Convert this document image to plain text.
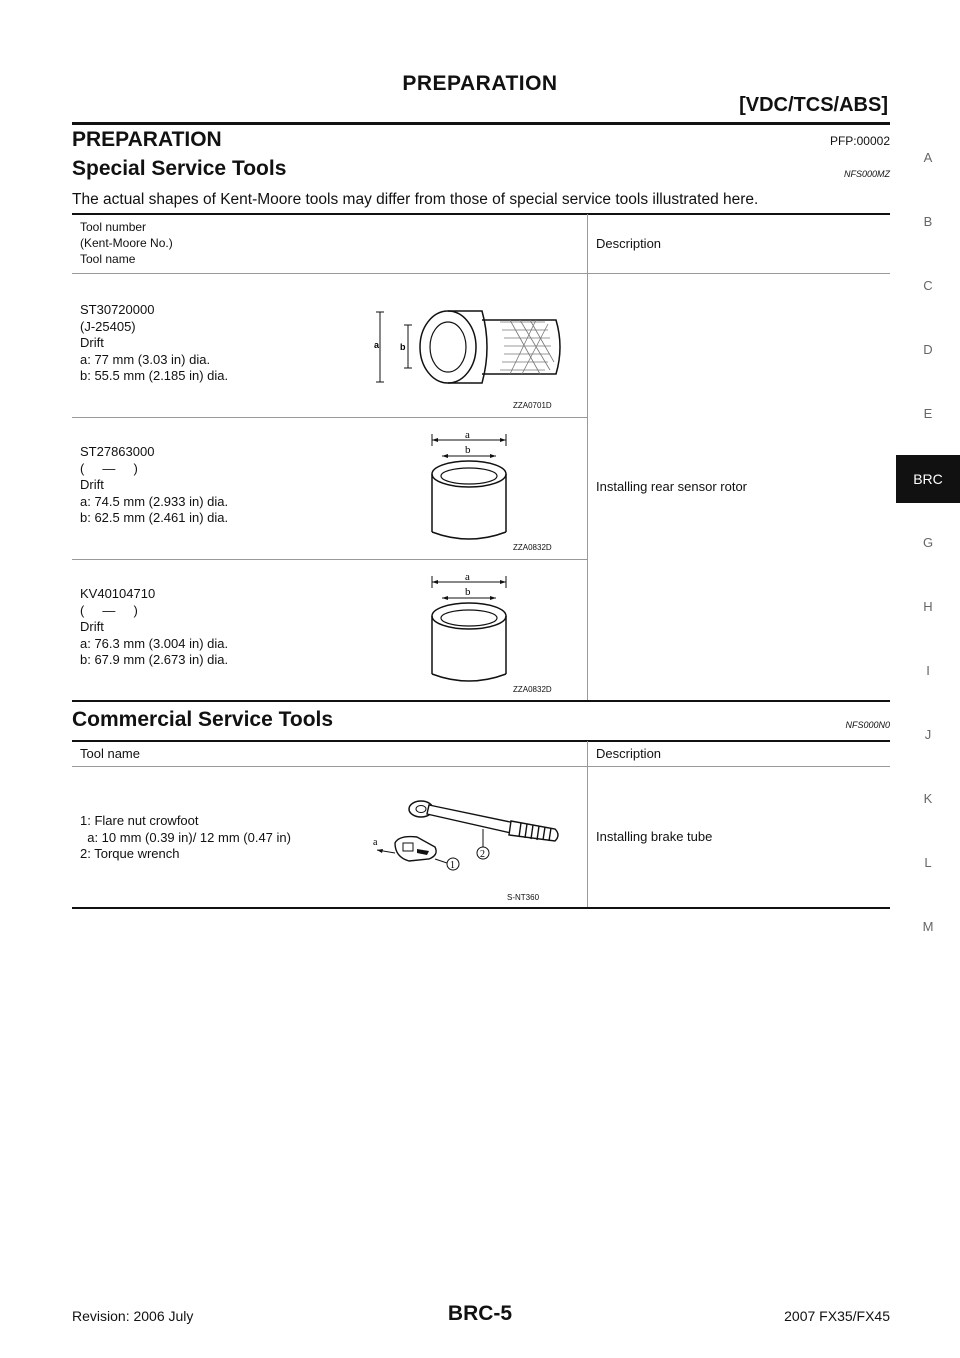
PREPARATION
[VDC/TCS/ABS]
PREPARATION	PFP:00002
Special Service Tools	NFS000MZ
The actual shapes of Kent-Moore tools may differ from those of special service tools illustrated here.
Tool number
(Kent-Moore No.)
Tool name
Description
ST30720000
(J-25405)
Drift
a: 77 mm (3.03 in) dia.
b: 55.5 mm (2.185 in) dia.
a b
ZZA0701D
ST27863000
(     —     )
Drift
a: 74.5 mm (2.933 in) dia.
b: 62.5 mm (2.461 in) dia.
a
b
ZZA0832D
KV40104710
(     —     )
Drift
a: 76.3 mm (3.004 in) dia.
b: 67.9 mm (2.673 in) dia.
a
b
ZZA0832D
Installing rear sensor rotor
Commercial Service Tools	NFS000N0
Tool name	Description
1: Flare nut crowfoot
a: 10 mm (0.39 in)/ 12 mm (0.47 in)
2: Torque wrench
a
1
2
S-NT360
Installing brake tube
A
B
C
D
E
BRC
G
H
I
J
K
L
M
Revision: 2006 July	BRC-5	2007 FX35/FX45
